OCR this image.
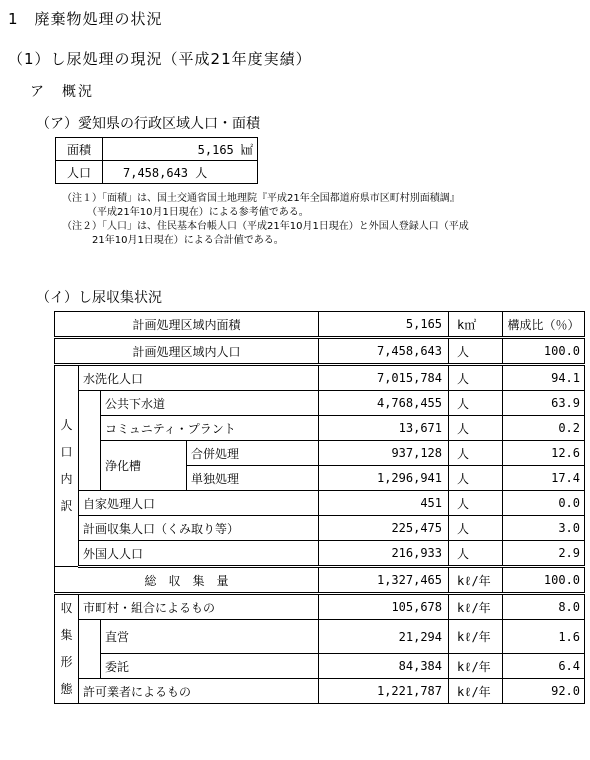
1　廃棄物処理の状況
（1）し尿処理の現況（平成21年度実績）
ア　概況
（ア）愛知県の行政区域人口・面積
面積	5,165 ㎢
人口	7,458,643 人
（注１）「面積」は、国土交通省国土地理院『平成21年全国都道府県市区町村別面積調』
　　　（平成21年10月1日現在）による参考値である。
（注２）「人口」は、住民基本台帳人口（平成21年10月1日現在）と外国人登録人口（平成
　　　21年10月1日現在）による合計値である。
（イ）し尿収集状況
計画処理区域内面積				5,165	k㎡	構成比（％）
計画処理区域内人口				7,458,643	人	100.0

人
口
内
訳	水洗化人口			7,015,784	人	94.1
		公共下水道		4,768,455	人	63.9
		コミュニティ・プラント		13,671	人	0.2
		浄化槽	合併処理	937,128	人	12.6
			単独処理	1,296,941	人	17.4
	自家処理人口			451	人	0.0
	計画収集人口（くみ取り等）			225,475	人	3.0
	外国人人口			216,933	人	2.9
総　収　集　量				1,327,465	kℓ/年	100.0

収
集
形
態	市町村・組合によるもの			105,678	kℓ/年	8.0
		直営		21,294	kℓ/年	1.6
		委託		84,384	kℓ/年	6.4
	許可業者によるもの			1,221,787	kℓ/年	92.0
